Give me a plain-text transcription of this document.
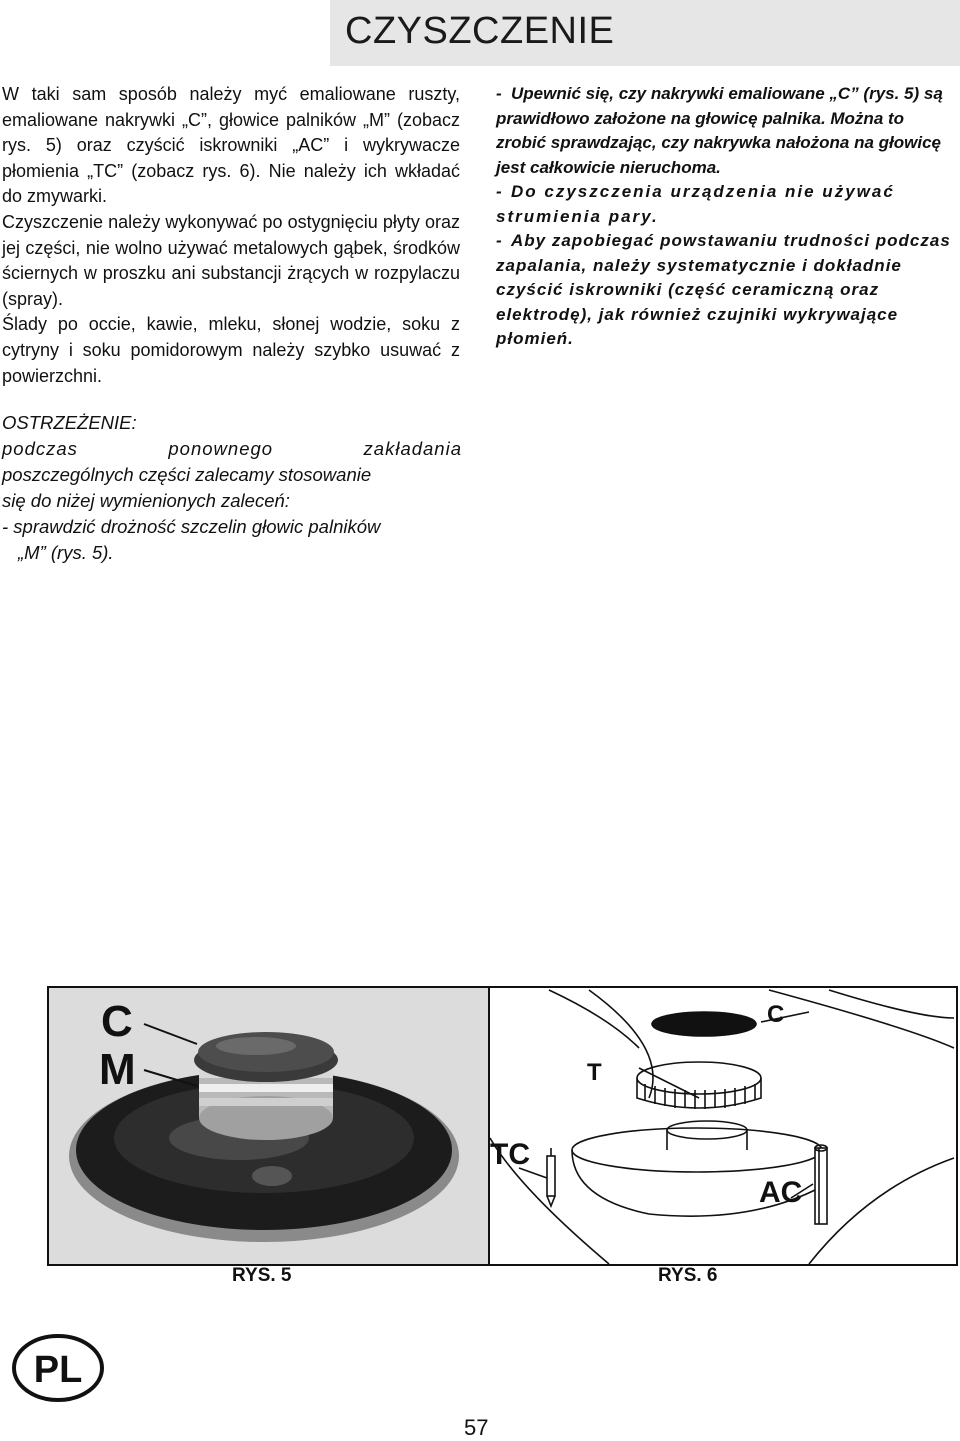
CZYSZCZENIE

W taki sam sposób należy myć emaliowane ruszty, emaliowane nakrywki „C”, głowice palników „M” (zobacz rys. 5) oraz czyścić iskrowniki „AC” i wykrywacze płomienia „TC” (zobacz rys. 6). Nie należy ich wkładać do zmywarki.

Czyszczenie należy wykonywać po ostygnięciu płyty oraz jej części, nie wolno używać metalowych gąbek, środków ściernych w proszku ani substancji żrących w rozpylaczu (spray).

Ślady po occie, kawie, mleku, słonej wodzie, soku z cytryny i soku pomidorowym należy szybko usuwać z powierzchni.

OSTRZEŻENIE:
podczas ponownego zakładania
poszczególnych części zalecamy stosowanie
się do niżej wymienionych zaleceń:
- sprawdzić drożność szczelin głowic palników
„M” (rys. 5).
- Upewnić się, czy nakrywki emaliowane „C” (rys. 5) są prawidłowo założone na głowicę palnika. Można to zrobić sprawdzając, czy nakrywka nałożona na głowicę jest całkowicie nieruchoma.
- Do czyszczenia urządzenia nie używać strumienia pary.
- Aby zapobiegać powstawaniu trudności podczas zapalania, należy systematycznie i dokładnie czyścić iskrowniki (część ceramiczną oraz elektrodę), jak również czujniki wykrywające płomień.
C
M
C
T
TC
AC
RYS. 5	RYS. 6
PL
57
